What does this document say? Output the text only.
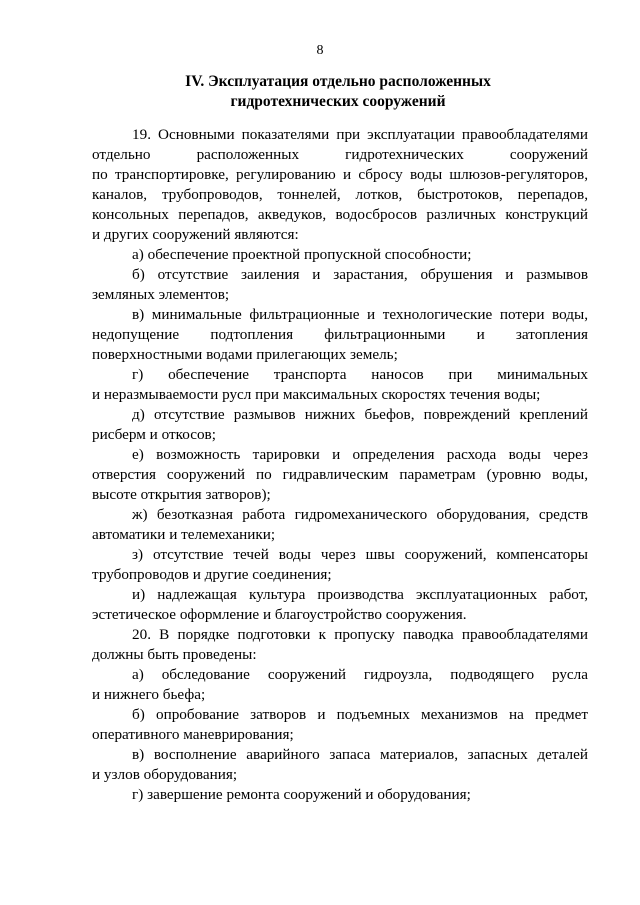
8
IV. Эксплуатация отдельно расположенных
гидротехнических сооружений
19. Основными показателями при эксплуатации правообладателями
отдельно расположенных гидротехнических сооружений
по транспортировке, регулированию и сбросу воды шлюзов-регуляторов,
каналов, трубопроводов, тоннелей, лотков, быстротоков, перепадов,
консольных перепадов, акведуков, водосбросов различных конструкций
и других сооружений являются:
а) обеспечение проектной пропускной способности;
б) отсутствие заиления и зарастания, обрушения и размывов
земляных элементов;
в) минимальные фильтрационные и технологические потери воды,
недопущение подтопления фильтрационными и затопления
поверхностными водами прилегающих земель;
г) обеспечение транспорта наносов при минимальных
и неразмываемости русл при максимальных скоростях течения воды;
д) отсутствие размывов нижних бьефов, повреждений креплений
рисберм и откосов;
е) возможность тарировки и определения расхода воды через
отверстия сооружений по гидравлическим параметрам (уровню воды,
высоте открытия затворов);
ж) безотказная работа гидромеханического оборудования, средств
автоматики и телемеханики;
з) отсутствие течей воды через швы сооружений, компенсаторы
трубопроводов и другие соединения;
и) надлежащая культура производства эксплуатационных работ,
эстетическое оформление и благоустройство сооружения.
20. В порядке подготовки к пропуску паводка правообладателями
должны быть проведены:
а) обследование сооружений гидроузла, подводящего русла
и нижнего бьефа;
б) опробование затворов и подъемных механизмов на предмет
оперативного маневрирования;
в) восполнение аварийного запаса материалов, запасных деталей
и узлов оборудования;
г) завершение ремонта сооружений и оборудования;
